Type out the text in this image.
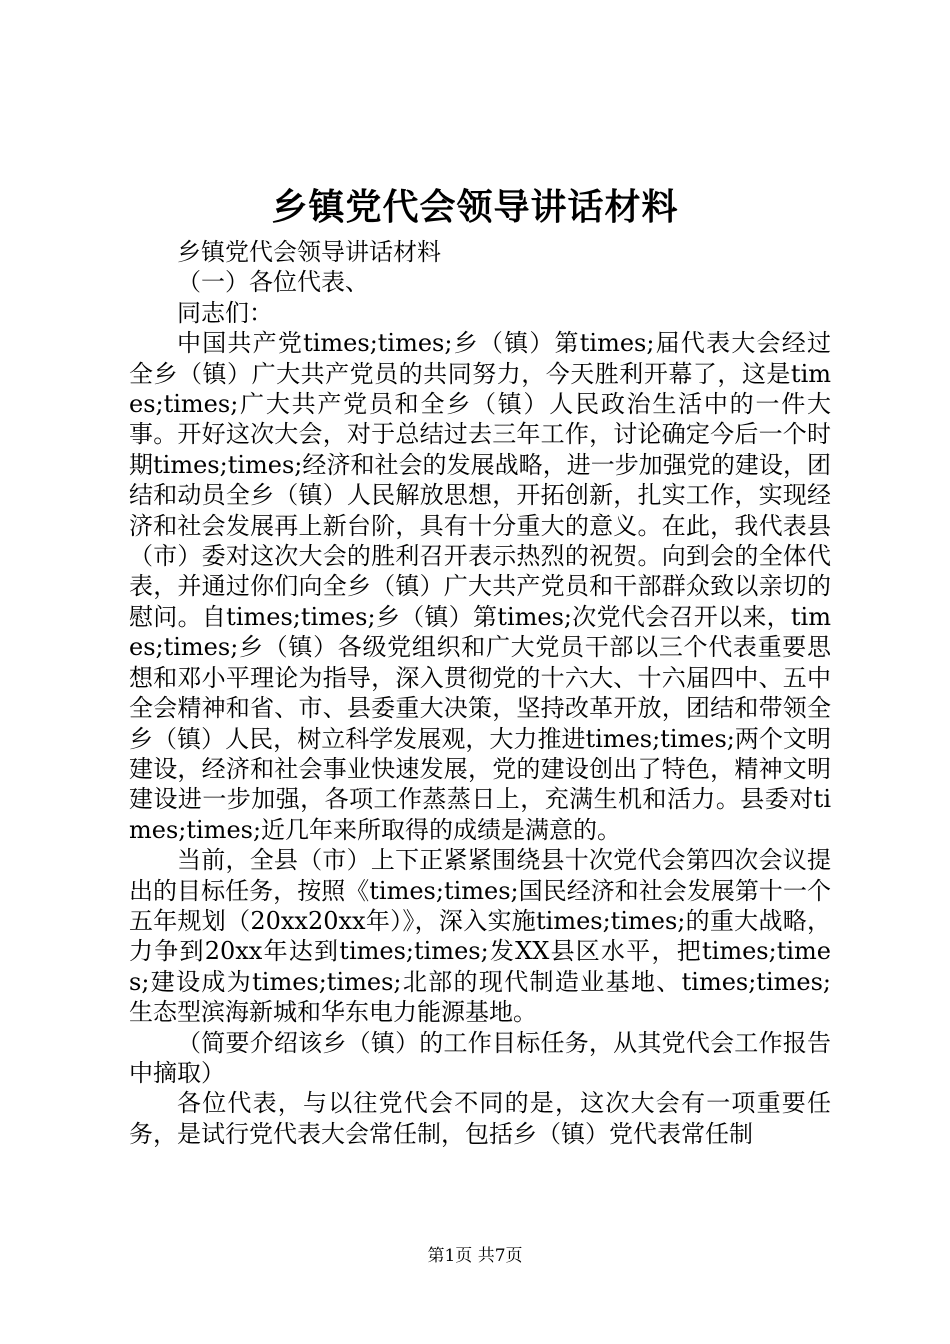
乡镇党代会领导讲话材料

乡镇党代会领导讲话材料

（一）各位代表、

同志们：

中国共产党times;times;乡（镇）第times;届代表大会经过全乡（镇）广大共产党员的共同努力，今天胜利开幕了，这是times;times;广大共产党员和全乡（镇）人民政治生活中的一件大事。开好这次大会，对于总结过去三年工作，讨论确定今后一个时期times;times;经济和社会的发展战略，进一步加强党的建设，团结和动员全乡（镇）人民解放思想，开拓创新，扎实工作，实现经济和社会发展再上新台阶，具有十分重大的意义。在此，我代表县（市）委对这次大会的胜利召开表示热烈的祝贺。向到会的全体代表，并通过你们向全乡（镇）广大共产党员和干部群众致以亲切的慰问。自times;times;乡（镇）第times;次党代会召开以来，times;times;乡（镇）各级党组织和广大党员干部以三个代表重要思想和邓小平理论为指导，深入贯彻党的十六大、十六届四中、五中全会精神和省、市、县委重大决策，坚持改革开放，团结和带领全乡（镇）人民，树立科学发展观，大力推进times;times;两个文明建设，经济和社会事业快速发展，党的建设创出了特色，精神文明建设进一步加强，各项工作蒸蒸日上，充满生机和活力。县委对times;times;近几年来所取得的成绩是满意的。

当前，全县（市）上下正紧紧围绕县十次党代会第四次会议提出的目标任务，按照《times;times;国民经济和社会发展第十一个五年规划（20xx20xx年）》，深入实施times;times;的重大战略，力争到20xx年达到times;times;发XX县区水平，把times;times;建设成为times;times;北部的现代制造业基地、times;times;生态型滨海新城和华东电力能源基地。

（简要介绍该乡（镇）的工作目标任务，从其党代会工作报告中摘取）

各位代表，与以往党代会不同的是，这次大会有一项重要任务，是试行党代表大会常任制，包括乡（镇）党代表常任制

第1页 共7页
